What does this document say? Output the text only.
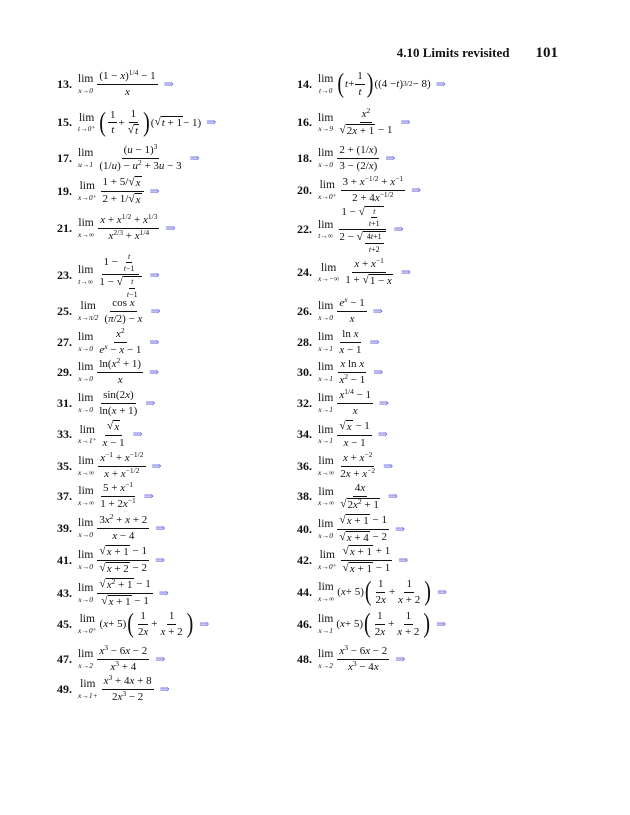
4.10 Limits revisited 101
13. lim
$x\to 0 \frac{(1 - x)^{1/4} - 1}{x}$ ⇒	14. lim
t→0 ( $t + \frac{1}{t}$ ) ((4 − t ) 3/2 − 8) ⇒
15. lim
t→0⁺ ( $\frac{1}{t} + \frac{1}{√ t}$ ) ( √ t + 1 − 1) ⇒	16. lim
$x\to 9 \frac{x^2}{√ 2x + 1 - 1}$ ⇒
17. lim
$u\to 1 \frac{(u - 1)^3}{(1/u) - u^2 + 3u - 3}$ ⇒	18. lim
$x\to 0 \frac{2 + (1/x)}{3 - (2/x)}$ ⇒
19. lim
$x\to 0^+ \frac{1 + 5/ √ x}{2 + 1/ √ x}$ ⇒	20. lim
$x\to 0^+ \frac{3 + x^{-1/2} + x^{-1}}{2 + 4x^{-1/2}}$ ⇒
21. lim
$x\to\infty \frac{x + x^{1/2} + x^{1/3}}{x^{2/3} + x^{1/4}}$ ⇒	22. lim
$t\to\infty \frac{1 - √ \frac{t}{t+1}}{2 - √ \frac{4t+1}{t+2}}$ ⇒
23. lim
$t\to\infty \frac{1 - \frac{t}{t-1}}{1 - √ \frac{t}{t-1}}$ ⇒	24. lim
$x\to-\infty \frac{x + x^{-1}}{1 + √ 1 - x}$ ⇒
25. lim
$x\to\pi/2 \frac{\text{cos x}}{(\pi/2) - x}$ ⇒	26. lim
$x\to 0 \frac{e^x - 1}{x}$ ⇒
27. lim
$x\to 0 \frac{x^2}{e^x - x - 1}$ ⇒	28. lim
$x\to 1 \frac{\text{ln x}}{x - 1}$ ⇒
29. lim
$x\to 0 \frac{\ln(x^2 + 1)}{x}$ ⇒	30. lim
$x\to 1 \frac{\text{x ln x}}{x^2 - 1}$ ⇒
31. lim
$x\to 0 \frac{\sin(2x)}{\ln(x + 1)}$ ⇒	32. lim
$x\to 1 \frac{x^{1/4} - 1}{x}$ ⇒
33. lim
$x\to 1^+ \frac{√ x}{x - 1}$ ⇒	34. lim
$x\to 1 \frac{√ x - 1}{x - 1}$ ⇒
35. lim
$x\to\infty \frac{x^{-1} + x^{-1/2}}{x + x^{-1/2}}$ ⇒	36. lim
$x\to\infty \frac{x + x^{-2}}{2x + x^{-2}}$ ⇒
37. lim
$x\to\infty \frac{5 + x^{-1}}{1 + 2x^{-1}}$ ⇒	38. lim
$x\to\infty \frac{4x}{√ 2x^2 + 1}$ ⇒
39. lim
$x\to 0 \frac{3x^2 + x + 2}{x - 4}$ ⇒	40. lim
$x\to 0 \frac{√ x + 1 - 1}{√ x + 4 - 2}$ ⇒
41. lim
$x\to 0 \frac{√ x + 1 - 1}{√ x + 2 - 2}$ ⇒	42. lim
$x\to 0^+ \frac{√ x + 1 + 1}{√ x + 1 - 1}$ ⇒
43. lim
$x\to 0 \frac{√ x^2 + 1 - 1}{√ x + 1 - 1}$ ⇒	44. lim
x→∞ ( x + 5) ( $\frac{1}{2x} + \frac{1}{x + 2}$ ) ⇒
45. lim
x→0⁺ ( x + 5) ( $\frac{1}{2x} + \frac{1}{x + 2}$ ) ⇒	46. lim
x→1 ( x + 5) ( $\frac{1}{2x} + \frac{1}{x + 2}$ ) ⇒
47. lim
$x\to 2 \frac{x^3 - 6x - 2}{x^3 + 4}$ ⇒	48. lim
$x\to 2 \frac{x^3 - 6x - 2}{x^3 - 4x}$ ⇒
49. lim
$x\to 1+ \frac{x^3 + 4x + 8}{2x^3 - 2}$ ⇒
